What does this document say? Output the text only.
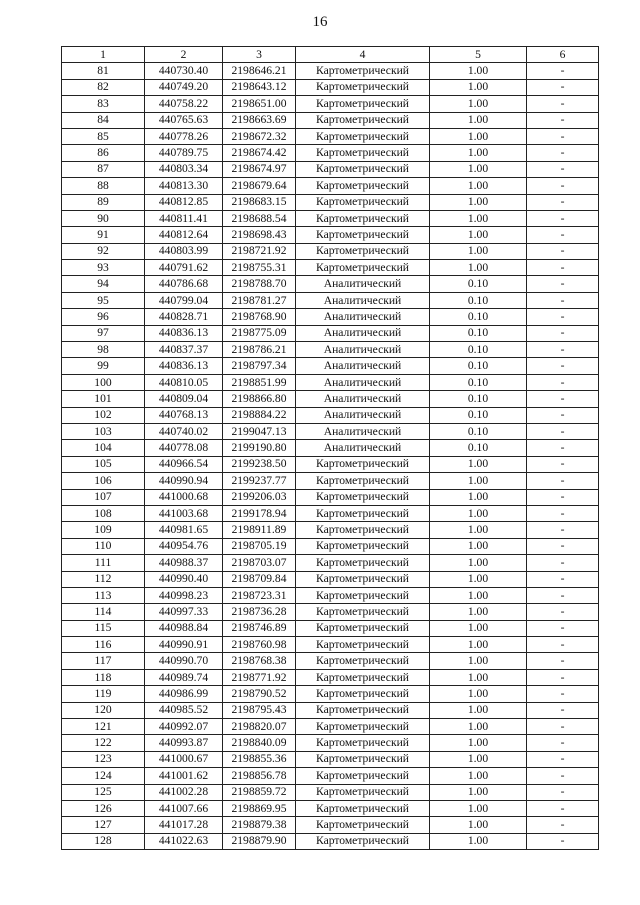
16
1	2	3	4	5	6
81	440730.40	2198646.21	Картометрический	1.00	-
82	440749.20	2198643.12	Картометрический	1.00	-
83	440758.22	2198651.00	Картометрический	1.00	-
84	440765.63	2198663.69	Картометрический	1.00	-
85	440778.26	2198672.32	Картометрический	1.00	-
86	440789.75	2198674.42	Картометрический	1.00	-
87	440803.34	2198674.97	Картометрический	1.00	-
88	440813.30	2198679.64	Картометрический	1.00	-
89	440812.85	2198683.15	Картометрический	1.00	-
90	440811.41	2198688.54	Картометрический	1.00	-
91	440812.64	2198698.43	Картометрический	1.00	-
92	440803.99	2198721.92	Картометрический	1.00	-
93	440791.62	2198755.31	Картометрический	1.00	-
94	440786.68	2198788.70	Аналитический	0.10	-
95	440799.04	2198781.27	Аналитический	0.10	-
96	440828.71	2198768.90	Аналитический	0.10	-
97	440836.13	2198775.09	Аналитический	0.10	-
98	440837.37	2198786.21	Аналитический	0.10	-
99	440836.13	2198797.34	Аналитический	0.10	-
100	440810.05	2198851.99	Аналитический	0.10	-
101	440809.04	2198866.80	Аналитический	0.10	-
102	440768.13	2198884.22	Аналитический	0.10	-
103	440740.02	2199047.13	Аналитический	0.10	-
104	440778.08	2199190.80	Аналитический	0.10	-
105	440966.54	2199238.50	Картометрический	1.00	-
106	440990.94	2199237.77	Картометрический	1.00	-
107	441000.68	2199206.03	Картометрический	1.00	-
108	441003.68	2199178.94	Картометрический	1.00	-
109	440981.65	2198911.89	Картометрический	1.00	-
110	440954.76	2198705.19	Картометрический	1.00	-
111	440988.37	2198703.07	Картометрический	1.00	-
112	440990.40	2198709.84	Картометрический	1.00	-
113	440998.23	2198723.31	Картометрический	1.00	-
114	440997.33	2198736.28	Картометрический	1.00	-
115	440988.84	2198746.89	Картометрический	1.00	-
116	440990.91	2198760.98	Картометрический	1.00	-
117	440990.70	2198768.38	Картометрический	1.00	-
118	440989.74	2198771.92	Картометрический	1.00	-
119	440986.99	2198790.52	Картометрический	1.00	-
120	440985.52	2198795.43	Картометрический	1.00	-
121	440992.07	2198820.07	Картометрический	1.00	-
122	440993.87	2198840.09	Картометрический	1.00	-
123	441000.67	2198855.36	Картометрический	1.00	-
124	441001.62	2198856.78	Картометрический	1.00	-
125	441002.28	2198859.72	Картометрический	1.00	-
126	441007.66	2198869.95	Картометрический	1.00	-
127	441017.28	2198879.38	Картометрический	1.00	-
128	441022.63	2198879.90	Картометрический	1.00	-
